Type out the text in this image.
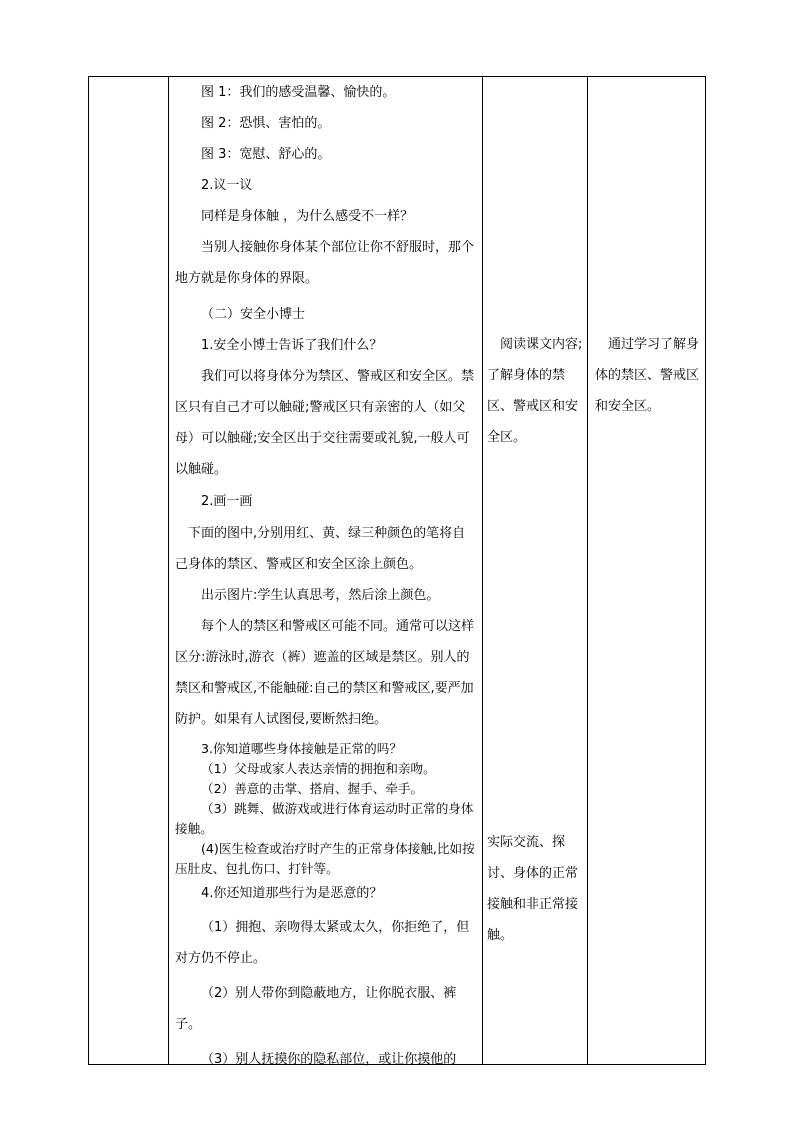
图 1：我们的感受温馨、愉快的。

图 2：恐惧、害怕的。

图 3：宽慰、舒心的。

2.议一议

同样是身体触 ，为什么感受不一样？

当别人接触你身体某个部位让你不舒服时，那个地方就是你身体的界限。

（二）安全小博士

1.安全小博士告诉了我们什么？

我们可以将身体分为禁区、警戒区和安全区。禁区只有自己才可以触碰;警戒区只有亲密的人（如父母）可以触碰;安全区出于交往需要或礼貌,一般人可以触碰。

2.画一画

下面的图中,分别用红、黄、绿三种颜色的笔将自己身体的禁区、警戒区和安全区涂上颜色。

出示图片:学生认真思考，然后涂上颜色。

每个人的禁区和警戒区可能不同。通常可以这样区分:游泳时,游衣（裤）遮盖的区域是禁区。别人的禁区和警戒区,不能触碰:自己的禁区和警戒区,要严加防护。如果有人试图侵,要断然扫绝。

3.你知道哪些身体接触是正常的吗？

（1）父母或家人表达亲情的拥抱和亲吻。

（2）善意的击掌、搭肩、握手、牵手。

（3）跳舞、做游戏或进行体育运动时正常的身体接触。

(4)医生检查或治疗时产生的正常身体接触,比如按压肚皮、包扎伤口、打针等。

4.你还知道那些行为是恶意的？

（1）拥抱、亲吻得太紧或太久，你拒绝了，但对方仍不停止。

（2）别人带你到隐蔽地方，让你脱衣服、裤子。

（3）别人抚摸你的隐私部位，或让你摸他的

阅读课文内容;了解身体的禁区、警戒区和安全区。
实际交流、探讨、身体的正常接触和非正常接触。
通过学习了解身体的禁区、警戒区和安全区。
